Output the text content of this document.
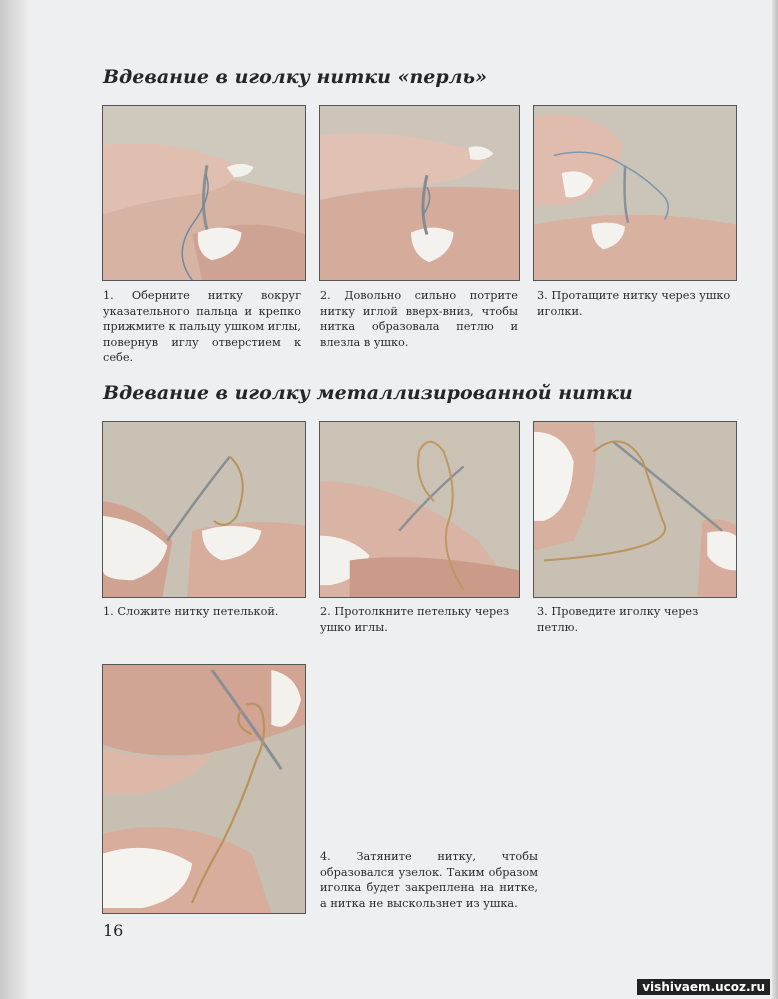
Вдевание в иголку нитки «перль»

1. Оберните нитку вокруг указательного пальца и крепко прижмите к пальцу ушком иглы, повернув иглу отверстием к себе.

2. Довольно сильно потрите нитку иглой вверх-вниз, чтобы нитка образовала петлю и влезла в ушко.

3. Протащите нитку через ушко иголки.

Вдевание в иголку металлизированной нитки

1. Сложите нитку петелькой.	2. Протолкните петельку через ушко иглы.

3. Проведите иголку через петлю.

4. Затяните нитку, чтобы образовался узелок. Таким образом иголка будет закреплена на нитке, а нитка не выскользнет из ушка.

16
vishivaem.ucoz.ru
